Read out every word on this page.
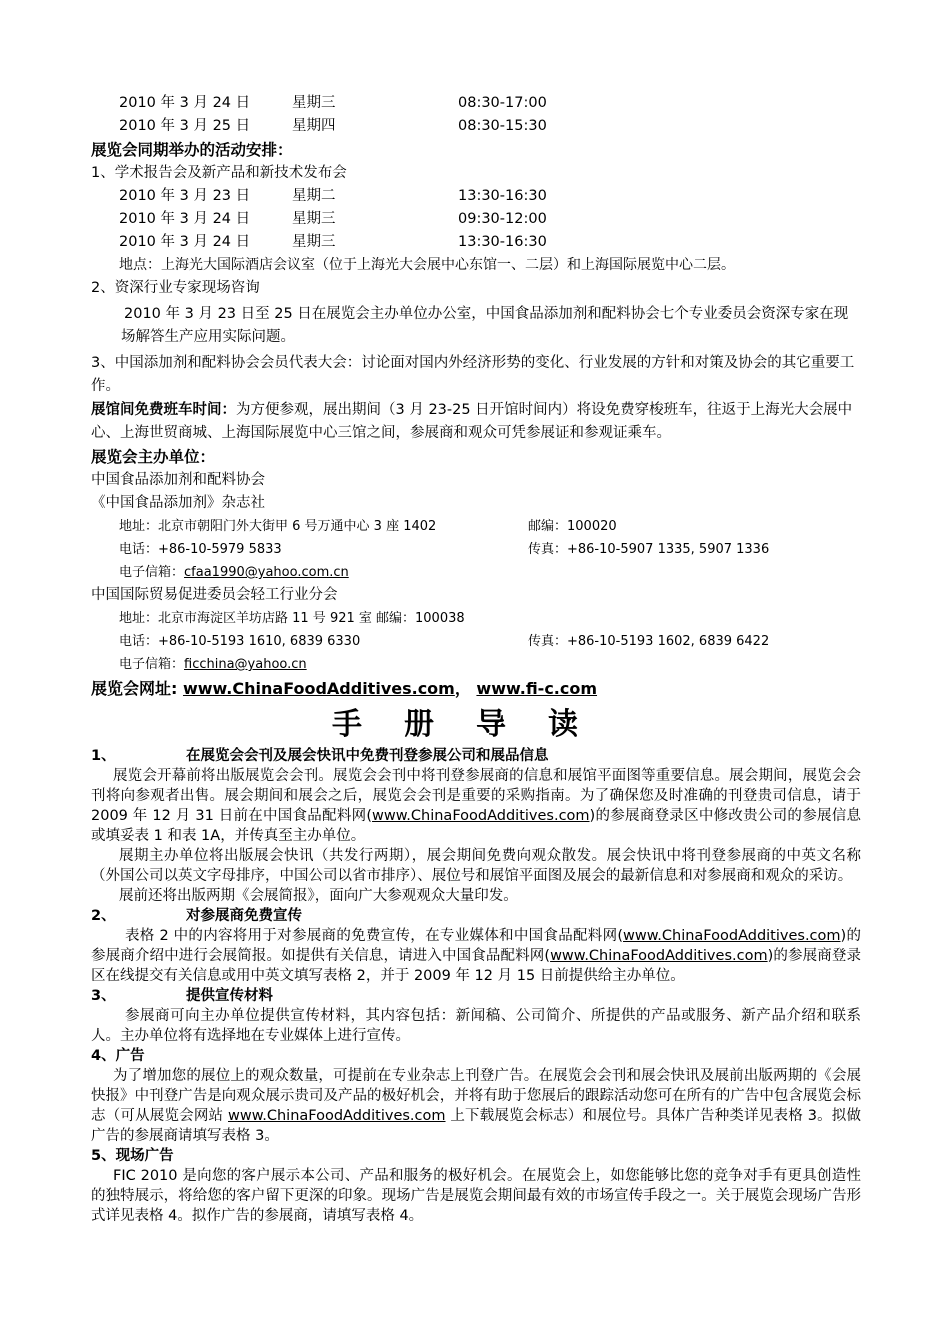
2010 年 3 月 24 日	星期三	08:30-17:00
2010 年 3 月 25 日	星期四	08:30-15:30
展览会同期举办的活动安排：
1、学术报告会及新产品和新技术发布会
2010 年 3 月 23 日	星期二	13:30-16:30
2010 年 3 月 24 日	星期三	09:30-12:00
2010 年 3 月 24 日	星期三	13:30-16:30
地点：上海光大国际酒店会议室（位于上海光大会展中心东馆一、二层）和上海国际展览中心二层。
2、资深行业专家现场咨询
2010 年 3 月 23 日至 25 日在展览会主办单位办公室，中国食品添加剂和配料协会七个专业委员会资深专家在现场解答生产应用实际问题。
3、中国添加剂和配料协会会员代表大会：讨论面对国内外经济形势的变化、行业发展的方针和对策及协会的其它重要工作。
展馆间免费班车时间：为方便参观，展出期间（3 月 23-25 日开馆时间内）将设免费穿梭班车，往返于上海光大会展中心、上海世贸商城、上海国际展览中心三馆之间，参展商和观众可凭参展证和参观证乘车。
展览会主办单位：
中国食品添加剂和配料协会
《中国食品添加剂》杂志社
地址：北京市朝阳门外大街甲 6 号万通中心 3 座 1402	邮编：100020
电话：+86-10-5979 5833	传真：+86-10-5907 1335, 5907 1336
电子信箱：cfaa1990@yahoo.com.cn
中国国际贸易促进委员会轻工行业分会
地址：北京市海淀区羊坊店路 11 号 921 室 邮编：100038
电话：+86-10-5193 1610, 6839 6330	传真：+86-10-5193 1602, 6839 6422
电子信箱：ficchina@yahoo.cn
展览会网址: www.ChinaFoodAdditives.com， www.fi-c.com
手册导读
1、	在展览会会刊及展会快讯中免费刊登参展公司和展品信息
展览会开幕前将出版展览会会刊。展览会会刊中将刊登参展商的信息和展馆平面图等重要信息。展会期间，展览会会刊将向参观者出售。展会期间和展会之后，展览会会刊是重要的采购指南。为了确保您及时准确的刊登贵司信息，请于 2009 年 12 月 31 日前在中国食品配料网(www.ChinaFoodAdditives.com)的参展商登录区中修改贵公司的参展信息或填妥表 1 和表 1A，并传真至主办单位。
展期主办单位将出版展会快讯（共发行两期），展会期间免费向观众散发。展会快讯中将刊登参展商的中英文名称（外国公司以英文字母排序，中国公司以省市排序）、展位号和展馆平面图及展会的最新信息和对参展商和观众的采访。
展前还将出版两期《会展简报》，面向广大参观观众大量印发。
2、	对参展商免费宣传
表格 2 中的内容将用于对参展商的免费宣传，在专业媒体和中国食品配料网(www.ChinaFoodAdditives.com)的参展商介绍中进行会展简报。如提供有关信息，请进入中国食品配料网(www.ChinaFoodAdditives.com)的参展商登录区在线提交有关信息或用中英文填写表格 2，并于 2009 年 12 月 15 日前提供给主办单位。
3、	提供宣传材料
参展商可向主办单位提供宣传材料，其内容包括：新闻稿、公司简介、所提供的产品或服务、新产品介绍和联系人。主办单位将有选择地在专业媒体上进行宣传。
4、广告
为了增加您的展位上的观众数量，可提前在专业杂志上刊登广告。在展览会会刊和展会快讯及展前出版两期的《会展快报》中刊登广告是向观众展示贵司及产品的极好机会，并将有助于您展后的跟踪活动您可在所有的广告中包含展览会标志（可从展览会网站 www.ChinaFoodAdditives.com 上下载展览会标志）和展位号。具体广告种类详见表格 3。拟做广告的参展商请填写表格 3。
5、现场广告
FIC 2010 是向您的客户展示本公司、产品和服务的极好机会。在展览会上，如您能够比您的竞争对手有更具创造性的独特展示，将给您的客户留下更深的印象。现场广告是展览会期间最有效的市场宣传手段之一。关于展览会现场广告形式详见表格 4。拟作广告的参展商，请填写表格 4。
